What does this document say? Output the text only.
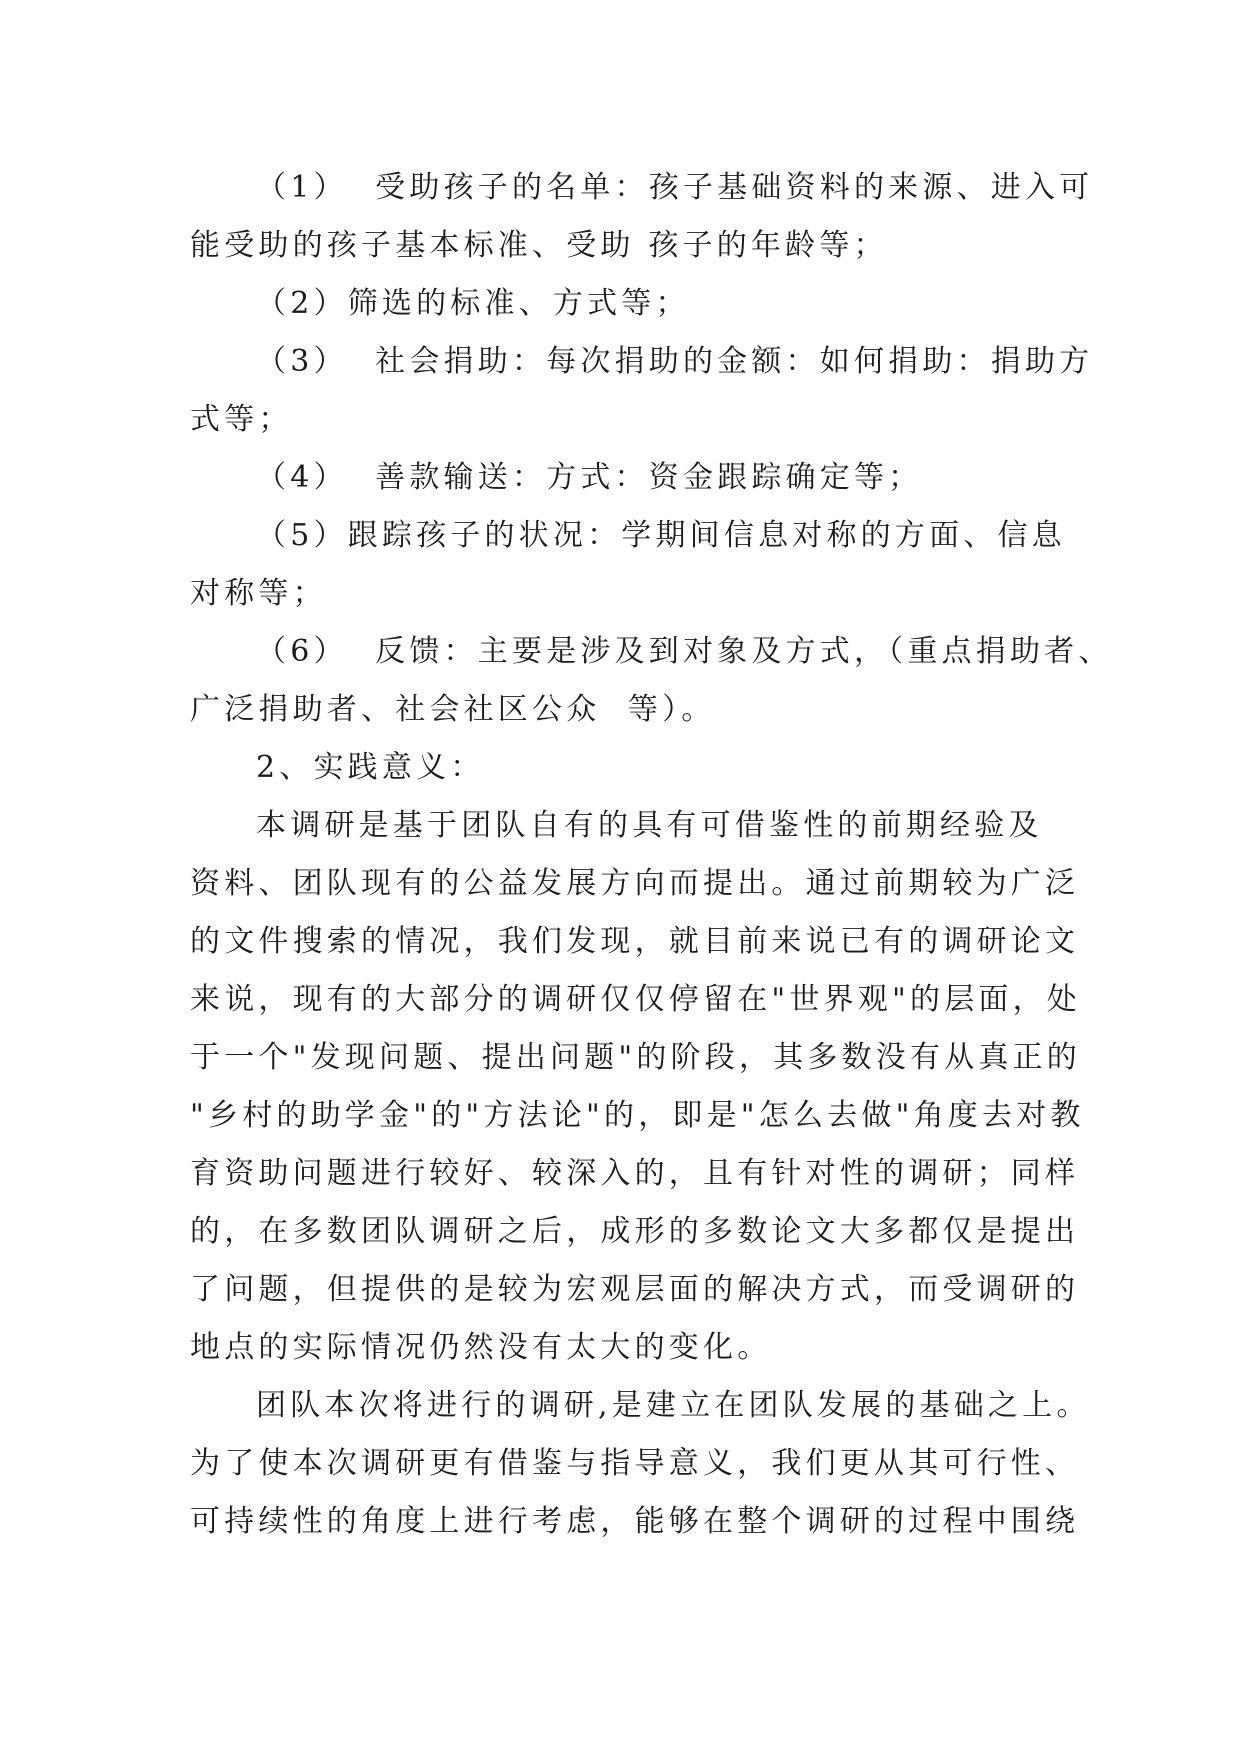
（1）  受助孩子的名单：孩子基础资料的来源、进入可
能受助的孩子基本标准、受助 孩子的年龄等；
（2）筛选的标准、方式等；
（3）  社会捐助：每次捐助的金额：如何捐助：捐助方
式等；
（4）  善款输送：方式：资金跟踪确定等；
（5）跟踪孩子的状况：学期间信息对称的方面、信息
对称等；
（6）  反馈：主要是涉及到对象及方式，（重点捐助者、
广泛捐助者、社会社区公众  等）。
2、实践意义：
本调研是基于团队自有的具有可借鉴性的前期经验及
资料、团队现有的公益发展方向而提出。通过前期较为广泛
的文件搜索的情况，我们发现，就目前来说已有的调研论文
来说，现有的大部分的调研仅仅停留在"世界观"的层面，处
于一个"发现问题、提出问题"的阶段，其多数没有从真正的
"乡村的助学金"的"方法论"的，即是"怎么去做"角度去对教
育资助问题进行较好、较深入的，且有针对性的调研；同样
的，在多数团队调研之后，成形的多数论文大多都仅是提出
了问题，但提供的是较为宏观层面的解决方式，而受调研的
地点的实际情况仍然没有太大的变化。
团队本次将进行的调研,是建立在团队发展的基础之上。
为了使本次调研更有借鉴与指导意义，我们更从其可行性、
可持续性的角度上进行考虑，能够在整个调研的过程中围绕
